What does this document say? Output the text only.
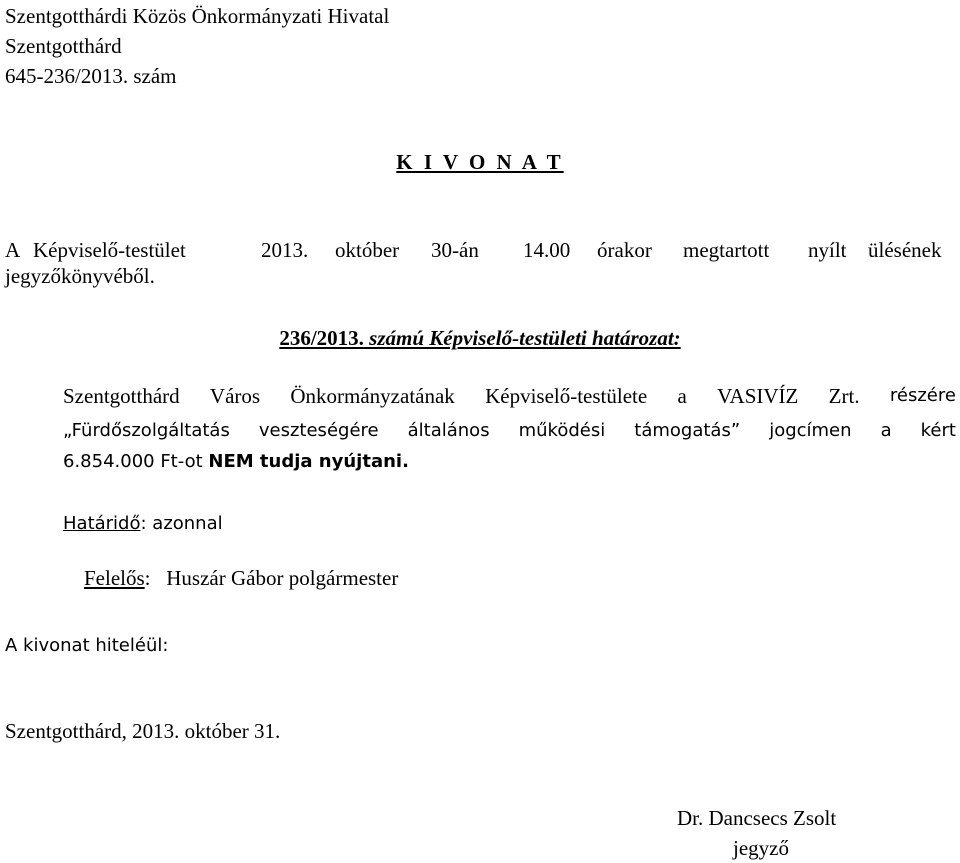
Szentgotthárdi Közös Önkormányzati Hivatal
Szentgotthárd
645-236/2013. szám
K I V O N A T
A Képviselő-testület	2013. október 30-án 14.00 órakor megtartott nyílt ülésének
jegyzőkönyvéből.
236/2013. számú Képviselő-testületi határozat:
Szentgotthárd Város Önkormányzatának Képviselő-testülete a VASIVÍZ Zrt. részére
„Fürdőszolgáltatás veszteségére általános működési támogatás” jogcímen a kért
6.854.000 Ft-ot NEM tudja nyújtani.
Határidő: azonnal

Felelős:   Huszár Gábor polgármester

A kivonat hiteléül:
Szentgotthárd, 2013. október 31.
Dr. Dancsecs Zsolt
jegyző
